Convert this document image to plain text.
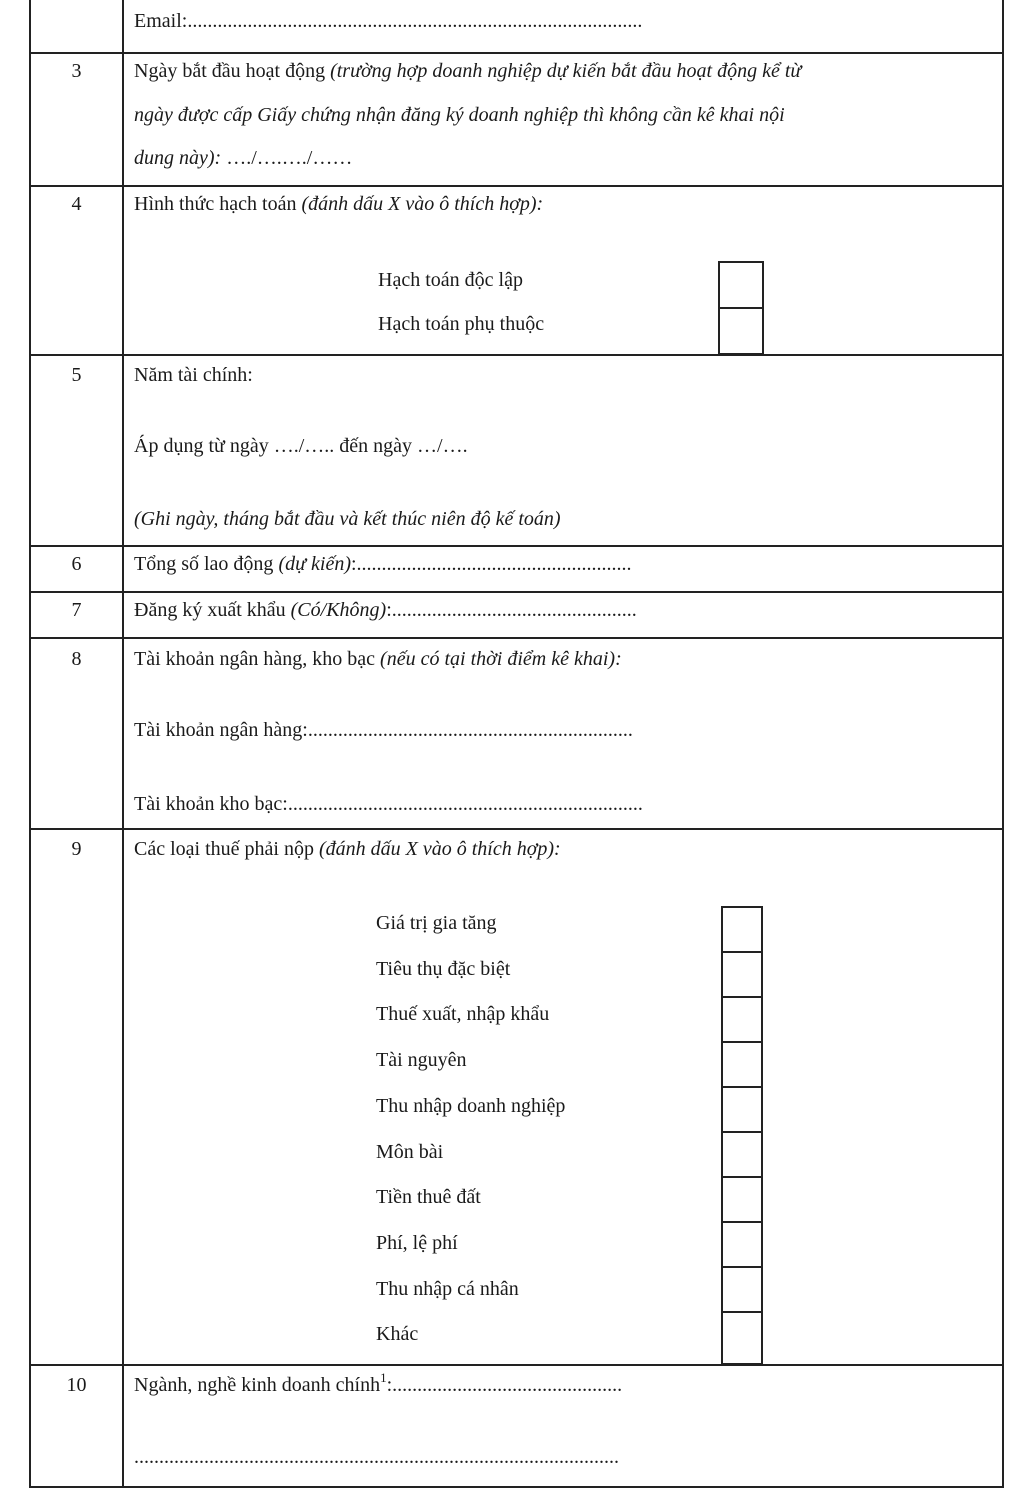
Email:...........................................................................................
3	Ngày bắt đầu hoạt động (trường hợp doanh nghiệp dự kiến bắt đầu hoạt động kể từ
ngày được cấp Giấy chứng nhận đăng ký doanh nghiệp thì không cần kê khai nội
dung này): …./….…./……
4	Hình thức hạch toán (đánh dấu X vào ô thích hợp):
Hạch toán độc lập
Hạch toán phụ thuộc
5	Năm tài chính:
Áp dụng từ ngày …./….. đến ngày …/….
(Ghi ngày, tháng bắt đầu và kết thúc niên độ kế toán)
6	Tổng số lao động (dự kiến):.......................................................
7	Đăng ký xuất khẩu (Có/Không):.................................................
8	Tài khoản ngân hàng, kho bạc (nếu có tại thời điểm kê khai):
Tài khoản ngân hàng:.................................................................
Tài khoản kho bạc:.......................................................................
9	Các loại thuế phải nộp (đánh dấu X vào ô thích hợp):
Giá trị gia tăng
Tiêu thụ đặc biệt
Thuế xuất, nhập khẩu
Tài nguyên
Thu nhập doanh nghiệp
Môn bài
Tiền thuê đất
Phí, lệ phí
Thu nhập cá nhân
Khác
10	Ngành, nghề kinh doanh chính$^1$:..............................................
.................................................................................................
